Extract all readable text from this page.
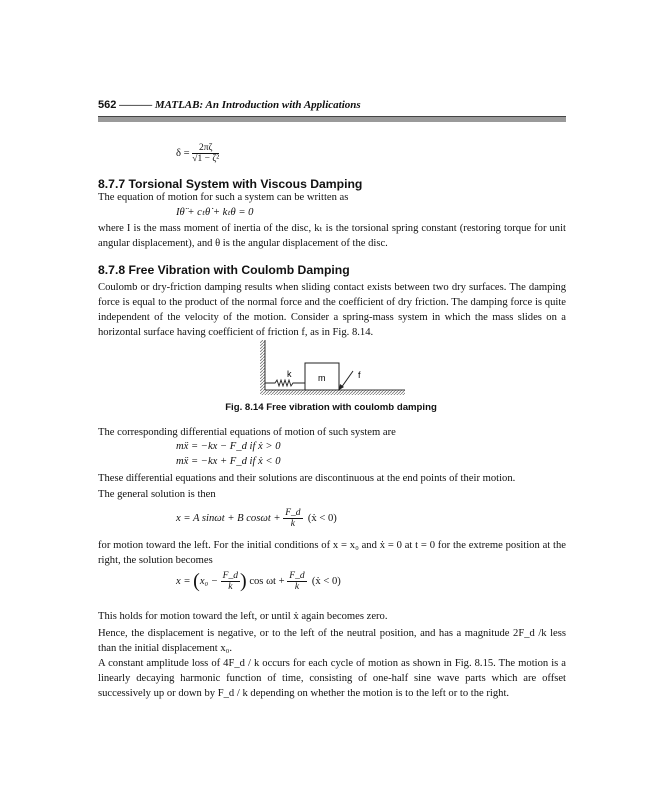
562 ——— MATLAB: An Introduction with Applications
$\delta = \frac{2\pi\zeta}{\text{√1 − ζ²}}$
8.7.7 Torsional System with Viscous Damping
The equation of motion for such a system can be written as
Iθ̈ + cₜθ̇ + kₜθ = 0
where I is the mass moment of inertia of the disc, kₜ is the torsional spring constant (restoring torque for unit angular displacement), and θ is the angular displacement of the disc.
8.7.8 Free Vibration with Coulomb Damping
Coulomb or dry-friction damping results when sliding contact exists between two dry surfaces. The damping force is equal to the product of the normal force and the coefficient of dry friction. The damping force is quite independent of the velocity of the motion. Consider a spring-mass system in which the mass slides on a horizontal surface having coefficient of friction f, as in Fig. 8.14.
k	m	f
Fig. 8.14 Free vibration with coulomb damping
The corresponding differential equations of motion of such system are
mẍ = −kx − F_d if ẋ > 0
mẍ = −kx + F_d if ẋ < 0
These differential equations and their solutions are discontinuous at the end points of their motion.
The general solution is then
x = A sinωt + B $\cos\omega t + \frac{F\_d}{k}$ (ẋ < 0)
for motion toward the left. For the initial conditions of x = x₀ and ẋ = 0 at t = 0 for the extreme position at the right, the solution becomes
$x = (x_0 - \frac{F\_d}{k}$ ) $\cos \omega t + \frac{F\_d}{k}$ (ẋ < 0)
This holds for motion toward the left, or until ẋ again becomes zero.
Hence, the displacement is negative, or to the left of the neutral position, and has a magnitude 2F_d /k less than the initial displacement x₀.
A constant amplitude loss of 4F_d / k occurs for each cycle of motion as shown in Fig. 8.15. The motion is a linearly decaying harmonic function of time, consisting of one-half sine wave parts which are offset successively up or down by F_d / k depending on whether the motion is to the left or to the right.
